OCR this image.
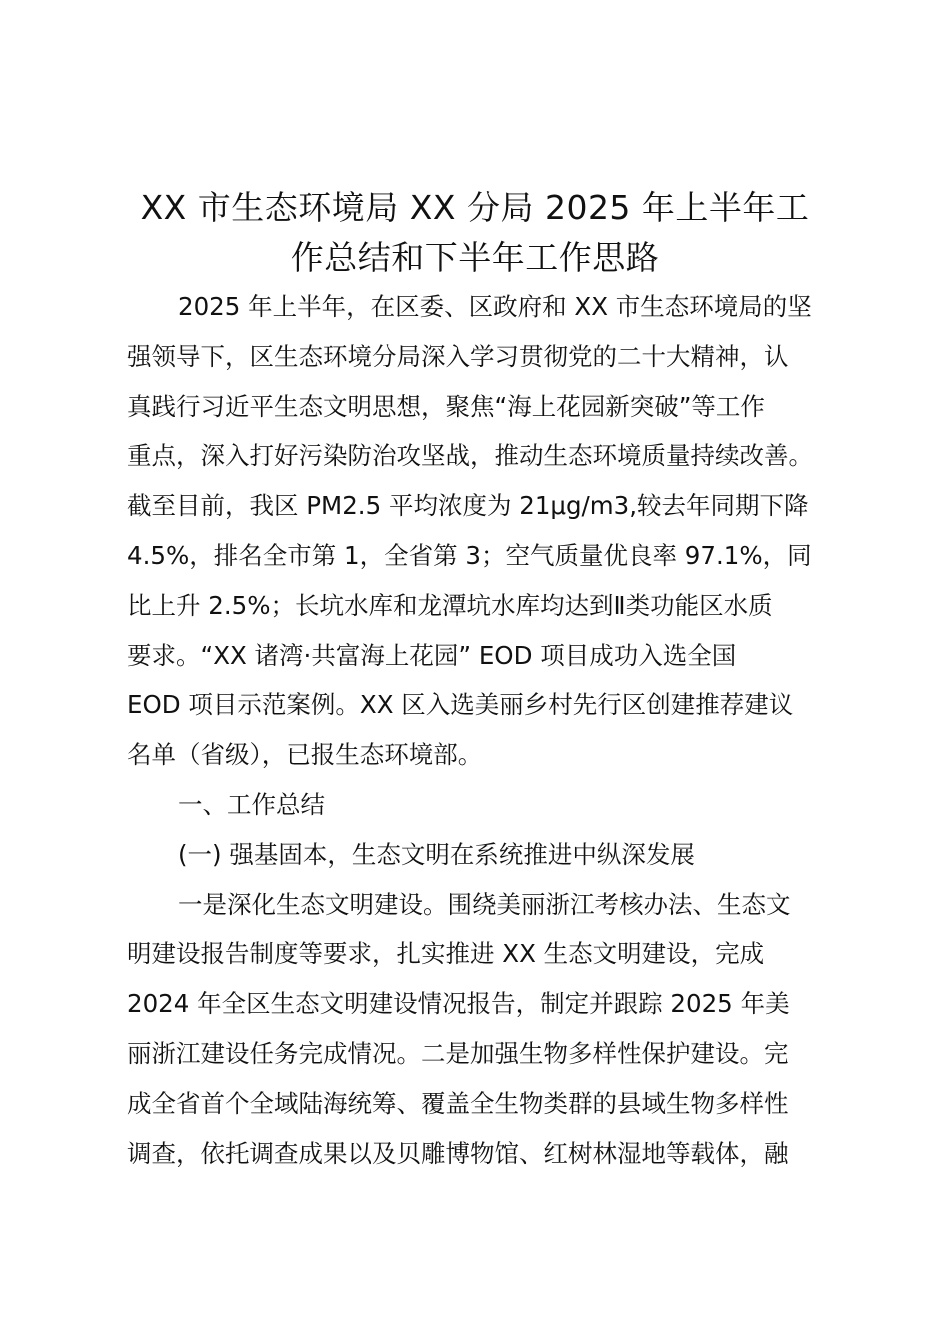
XX 市生态环境局 XX 分局 2025 年上半年工
作总结和下半年工作思路
2025 年上半年，在区委、区政府和 XX 市生态环境局的坚
强领导下，区生态环境分局深入学习贯彻党的二十大精神，认
真践行习近平生态文明思想，聚焦“海上花园新突破”等工作
重点，深入打好污染防治攻坚战，推动生态环境质量持续改善。
截至目前，我区 PM2.5 平均浓度为 21μg/m3,较去年同期下降
4.5%，排名全市第 1，全省第 3；空气质量优良率 97.1%，同
比上升 2.5%；长坑水库和龙潭坑水库均达到Ⅱ类功能区水质
要求。“XX 诸湾·共富海上花园” EOD 项目成功入选全国
EOD 项目示范案例。XX 区入选美丽乡村先行区创建推荐建议
名单（省级），已报生态环境部。
一、工作总结
(一) 强基固本，生态文明在系统推进中纵深发展
一是深化生态文明建设。围绕美丽浙江考核办法、生态文
明建设报告制度等要求，扎实推进 XX 生态文明建设，完成
2024 年全区生态文明建设情况报告，制定并跟踪 2025 年美
丽浙江建设任务完成情况。二是加强生物多样性保护建设。完
成全省首个全域陆海统筹、覆盖全生物类群的县域生物多样性
调查，依托调查成果以及贝雕博物馆、红树林湿地等载体，融
